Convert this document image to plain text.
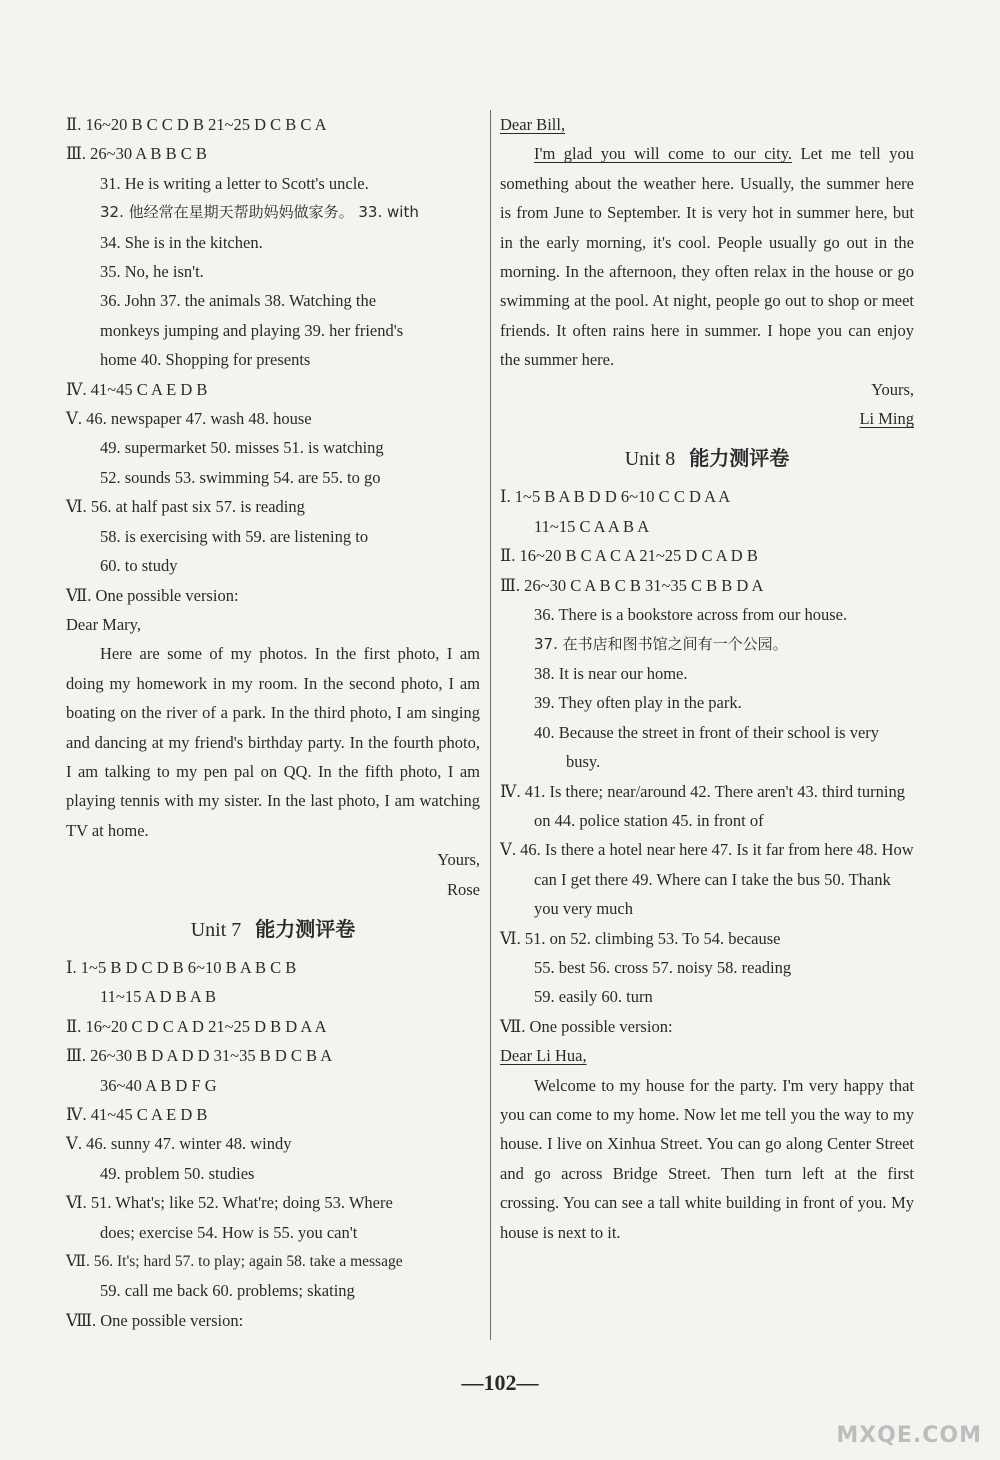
Ⅱ. 16~20 B C C D B 21~25 D C B C A
Ⅲ. 26~30 A B B C B
31. He is writing a letter to Scott's uncle.
32. 他经常在星期天帮助妈妈做家务。 33. with
34. She is in the kitchen.
35. No, he isn't.
36. John 37. the animals 38. Watching the
monkeys jumping and playing 39. her friend's
home 40. Shopping for presents
Ⅳ. 41~45 C A E D B
Ⅴ. 46. newspaper 47. wash 48. house
49. supermarket 50. misses 51. is watching
52. sounds 53. swimming 54. are 55. to go
Ⅵ. 56. at half past six 57. is reading
58. is exercising with 59. are listening to
60. to study
Ⅶ. One possible version:
Dear Mary,
Here are some of my photos. In the first photo, I am doing my homework in my room. In the second photo, I am boating on the river of a park. In the third photo, I am singing and dancing at my friend's birthday party. In the fourth photo, I am talking to my pen pal on QQ. In the fifth photo, I am playing tennis with my sister. In the last photo, I am watching TV at home.
Yours,
Rose
Unit 7 能力测评卷
Ⅰ. 1~5 B D C D B 6~10 B A B C B
11~15 A D B A B
Ⅱ. 16~20 C D C A D 21~25 D B D A A
Ⅲ. 26~30 B D A D D 31~35 B D C B A
36~40 A B D F G
Ⅳ. 41~45 C A E D B
Ⅴ. 46. sunny 47. winter 48. windy
49. problem 50. studies
Ⅵ. 51. What's; like 52. What're; doing 53. Where
does; exercise 54. How is 55. you can't
Ⅶ. 56. It's; hard 57. to play; again 58. take a message
59. call me back 60. problems; skating
Ⅷ. One possible version:
Dear Bill,
I'm glad you will come to our city. Let me tell you something about the weather here. Usually, the summer here is from June to September. It is very hot in summer here, but in the early morning, it's cool. People usually go out in the morning. In the afternoon, they often relax in the house or go swimming at the pool. At night, people go out to shop or meet friends. It often rains here in summer. I hope you can enjoy the summer here.
Yours,
Li Ming
Unit 8 能力测评卷
Ⅰ. 1~5 B A B D D 6~10 C C D A A
11~15 C A A B A
Ⅱ. 16~20 B C A C A 21~25 D C A D B
Ⅲ. 26~30 C A B C B 31~35 C B B D A
36. There is a bookstore across from our house.
37. 在书店和图书馆之间有一个公园。
38. It is near our home.
39. They often play in the park.
40. Because the street in front of their school is very busy.
Ⅳ. 41. Is there; near/around 42. There aren't 43. third turning on 44. police station 45. in front of
Ⅴ. 46. Is there a hotel near here 47. Is it far from here 48. How can I get there 49. Where can I take the bus 50. Thank you very much
Ⅵ. 51. on 52. climbing 53. To 54. because
55. best 56. cross 57. noisy 58. reading
59. easily 60. turn
Ⅶ. One possible version:
Dear Li Hua,
Welcome to my house for the party. I'm very happy that you can come to my home. Now let me tell you the way to my house. I live on Xinhua Street. You can go along Center Street and go across Bridge Street. Then turn left at the first crossing. You can see a tall white building in front of you. My house is next to it.
—102—
MXQE.COM
